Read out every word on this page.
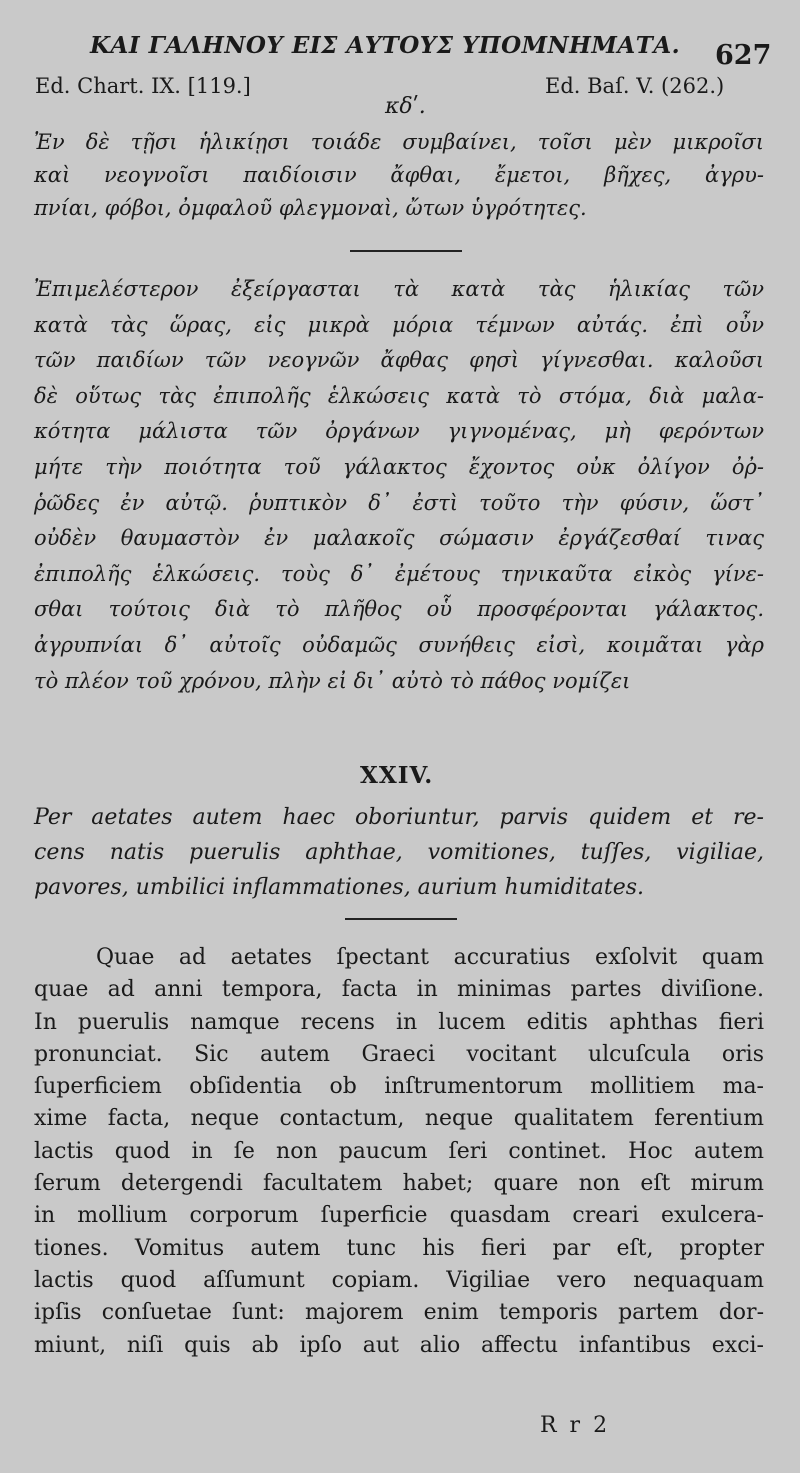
ΚΑΙ ΓΑΛΗΝΟΥ ΕΙΣ ΑΥΤΟΥΣ ΥΠΟΜΝΗΜΑΤΑ. 627
Ed. Chart. IX. [119.]	Ed. Baſ. V. (262.)
κδʹ.
Ἐν δὲ τῇσι ἡλικίῃσι τοιάδε συμβαίνει, τοῖσι μὲν μικροῖσι
καὶ νεογνοῖσι παιδίοισιν ἄφθαι, ἔμετοι, βῆχες, ἀγρυ-
πνίαι, φόβοι, ὀμφαλοῦ φλεγμοναὶ, ὤτων ὑγρότητες.
Ἐπιμελέστερον ἐξείργασται τὰ κατὰ τὰς ἡλικίας τῶν
κατὰ τὰς ὥρας, εἰς μικρὰ μόρια τέμνων αὐτάς. ἐπὶ οὖν
τῶν παιδίων τῶν νεογνῶν ἄφθας φησὶ γίγνεσθαι. καλοῦσι
δὲ οὕτως τὰς ἐπιπολῆς ἑλκώσεις κατὰ τὸ στόμα, διὰ μαλα-
κότητα μάλιστα τῶν ὀργάνων γιγνομένας, μὴ φερόντων
μήτε τὴν ποιότητα τοῦ γάλακτος ἔχοντος οὐκ ὀλίγον ὀῤ-
ῥῶδες ἐν αὐτῷ. ῥυπτικὸν δ᾽ ἐστὶ τοῦτο τὴν φύσιν, ὥστ᾽
οὐδὲν θαυμαστὸν ἐν μαλακοῖς σώμασιν ἐργάζεσθαί τινας
ἐπιπολῆς ἑλκώσεις. τοὺς δ᾽ ἐμέτους τηνικαῦτα εἰκὸς γίνε-
σθαι τούτοις διὰ τὸ πλῆθος οὗ προσφέρονται γάλακτος.
ἀγρυπνίαι δ᾽ αὐτοῖς οὐδαμῶς συνήθεις εἰσὶ, κοιμᾶται γὰρ
τὸ πλέον τοῦ χρόνου, πλὴν εἰ δι᾽ αὐτὸ τὸ πάθος νομίζει
XXIV.
Per aetates autem haec oboriuntur, parvis quidem et re-
cens natis puerulis aphthae, vomitiones, tuſſes, vigiliae,
pavores, umbilici inflammationes, aurium humiditates.
Quae ad aetates ſpectant accuratius exſolvit quam
quae ad anni tempora, facta in minimas partes diviſione.
In puerulis namque recens in lucem editis aphthas fieri
pronunciat. Sic autem Graeci vocitant ulcuſcula oris
ſuperficiem obſidentia ob inſtrumentorum mollitiem ma-
xime facta, neque contactum, neque qualitatem ferentium
lactis quod in ſe non paucum ſeri continet. Hoc autem
ſerum detergendi facultatem habet; quare non eſt mirum
in mollium corporum ſuperficie quasdam creari exulcera-
tiones. Vomitus autem tunc his fieri par eſt, propter
lactis quod aſſumunt copiam. Vigiliae vero nequaquam
ipſis conſuetae ſunt: majorem enim temporis partem dor-
miunt, niſi quis ab ipſo aut alio affectu infantibus exci-
R r 2
